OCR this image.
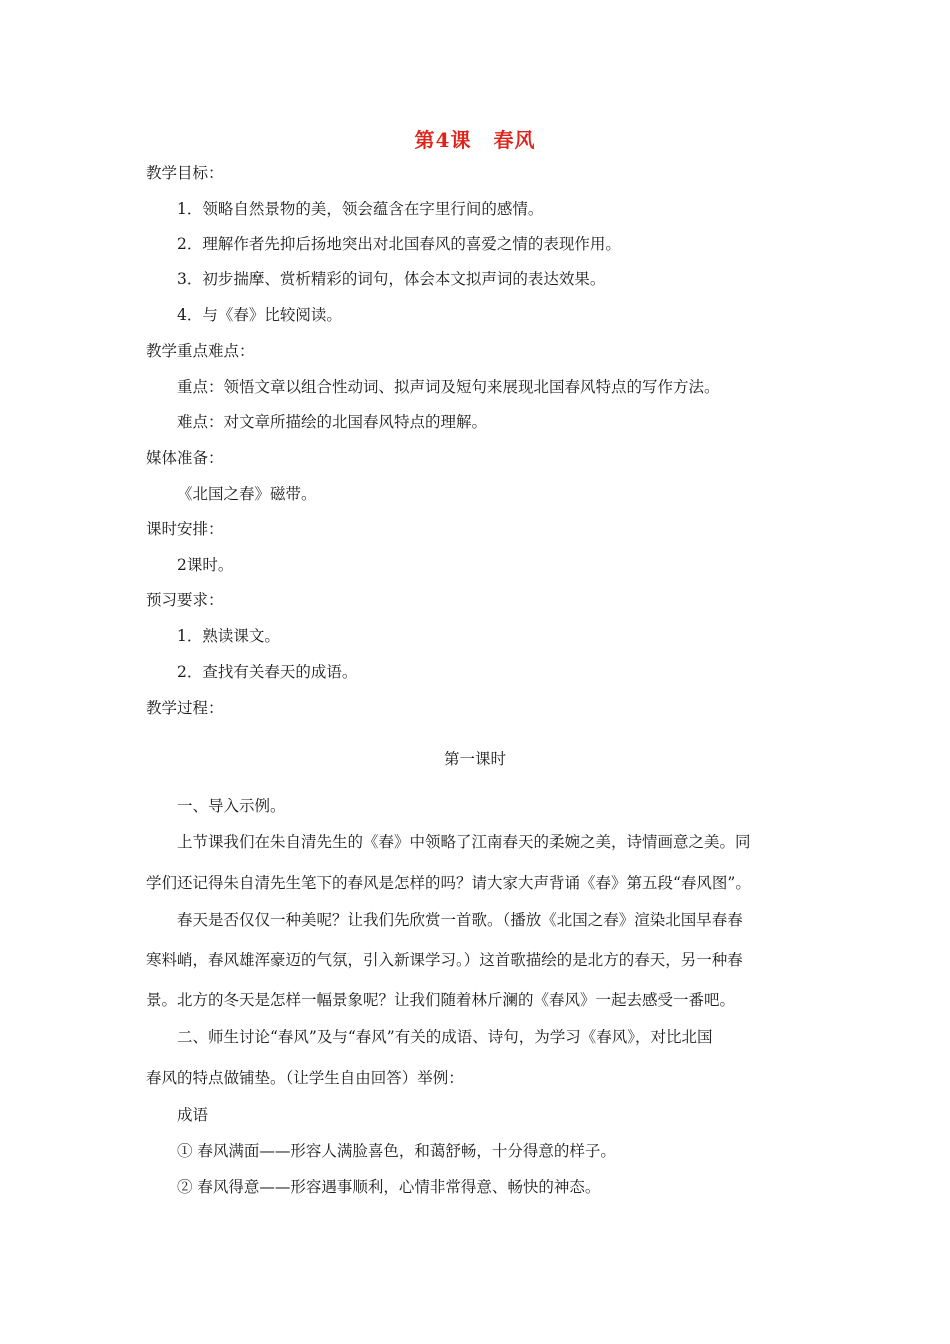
第4课 春风
教学目标：
1．领略自然景物的美，领会蕴含在字里行间的感情。
2．理解作者先抑后扬地突出对北国春风的喜爱之情的表现作用。
3．初步揣摩、赏析精彩的词句，体会本文拟声词的表达效果。
4．与《春》比较阅读。
教学重点难点：
重点：领悟文章以组合性动词、拟声词及短句来展现北国春风特点的写作方法。
难点：对文章所描绘的北国春风特点的理解。
媒体准备：
《北国之春》磁带。
课时安排：
2课时。
预习要求：
1．熟读课文。
2．查找有关春天的成语。
教学过程：
第一课时
一、导入示例。
上节课我们在朱自清先生的《春》中领略了江南春天的柔婉之美，诗情画意之美。同
学们还记得朱自清先生笔下的春风是怎样的吗？请大家大声背诵《春》第五段“春风图”。
春天是否仅仅一种美呢？让我们先欣赏一首歌。（播放《北国之春》渲染北国早春春
寒料峭，春风雄浑豪迈的气氛，引入新课学习。）这首歌描绘的是北方的春天，另一种春
景。北方的冬天是怎样一幅景象呢？让我们随着林斤澜的《春风》一起去感受一番吧。
二、师生讨论“春风”及与“春风”有关的成语、诗句，为学习《春风》，对比北国
春风的特点做铺垫。（让学生自由回答）举例：
成语
① 春风满面——形容人满脸喜色，和蔼舒畅，十分得意的样子。
② 春风得意——形容遇事顺利，心情非常得意、畅快的神态。
